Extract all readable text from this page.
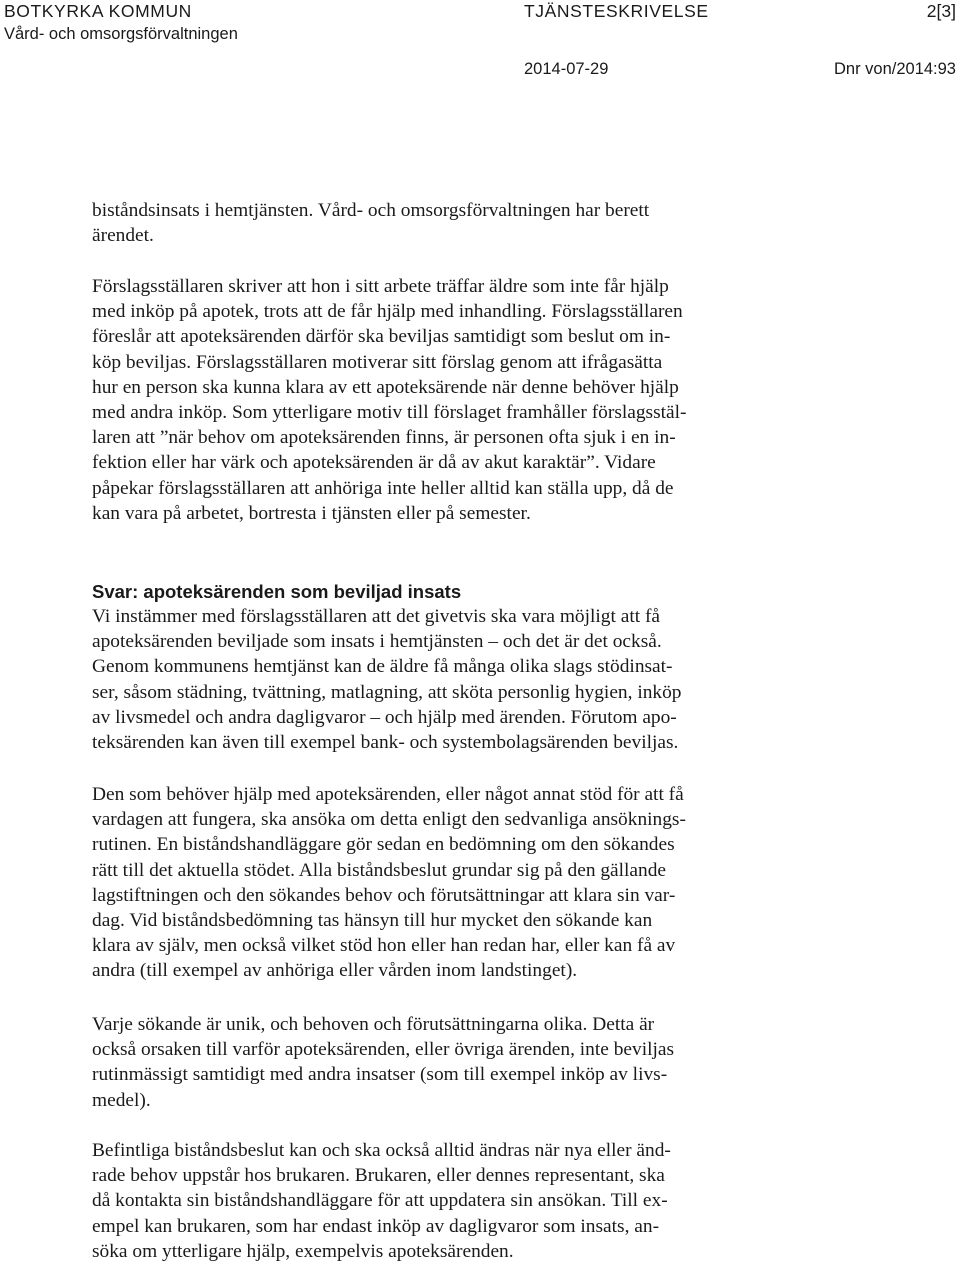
BOTKYRKA KOMMUN
Vård- och omsorgsförvaltningen
TJÄNSTESKRIVELSE	2[3]
2014-07-29	Dnr von/2014:93

biståndsinsats i hemtjänsten. Vård- och omsorgsförvaltningen har berett

ärendet.

Förslagsställaren skriver att hon i sitt arbete träffar äldre som inte får hjälp

med inköp på apotek, trots att de får hjälp med inhandling. Förslagsställaren

föreslår att apoteksärenden därför ska beviljas samtidigt som beslut om in-

köp beviljas. Förslagsställaren motiverar sitt förslag genom att ifrågasätta

hur en person ska kunna klara av ett apoteksärende när denne behöver hjälp

med andra inköp. Som ytterligare motiv till förslaget framhåller förslagsstäl-

laren att ”när behov om apoteksärenden finns, är personen ofta sjuk i en in-

fektion eller har värk och apoteksärenden är då av akut karaktär”. Vidare

påpekar förslagsställaren att anhöriga inte heller alltid kan ställa upp, då de

kan vara på arbetet, bortresta i tjänsten eller på semester.

Svar: apoteksärenden som beviljad insats

Vi instämmer med förslagsställaren att det givetvis ska vara möjligt att få

apoteksärenden beviljade som insats i hemtjänsten – och det är det också.

Genom kommunens hemtjänst kan de äldre få många olika slags stödinsat-

ser, såsom städning, tvättning, matlagning, att sköta personlig hygien, inköp

av livsmedel och andra dagligvaror – och hjälp med ärenden. Förutom apo-

teksärenden kan även till exempel bank- och systembolagsärenden beviljas.

Den som behöver hjälp med apoteksärenden, eller något annat stöd för att få

vardagen att fungera, ska ansöka om detta enligt den sedvanliga ansöknings-

rutinen. En biståndshandläggare gör sedan en bedömning om den sökandes

rätt till det aktuella stödet. Alla biståndsbeslut grundar sig på den gällande

lagstiftningen och den sökandes behov och förutsättningar att klara sin var-

dag. Vid biståndsbedömning tas hänsyn till hur mycket den sökande kan

klara av själv, men också vilket stöd hon eller han redan har, eller kan få av

andra (till exempel av anhöriga eller vården inom landstinget).

Varje sökande är unik, och behoven och förutsättningarna olika. Detta är

också orsaken till varför apoteksärenden, eller övriga ärenden, inte beviljas

rutinmässigt samtidigt med andra insatser (som till exempel inköp av livs-

medel).

Befintliga biståndsbeslut kan och ska också alltid ändras när nya eller änd-

rade behov uppstår hos brukaren. Brukaren, eller dennes representant, ska

då kontakta sin biståndshandläggare för att uppdatera sin ansökan. Till ex-

empel kan brukaren, som har endast inköp av dagligvaror som insats, an-

söka om ytterligare hjälp, exempelvis apoteksärenden.
